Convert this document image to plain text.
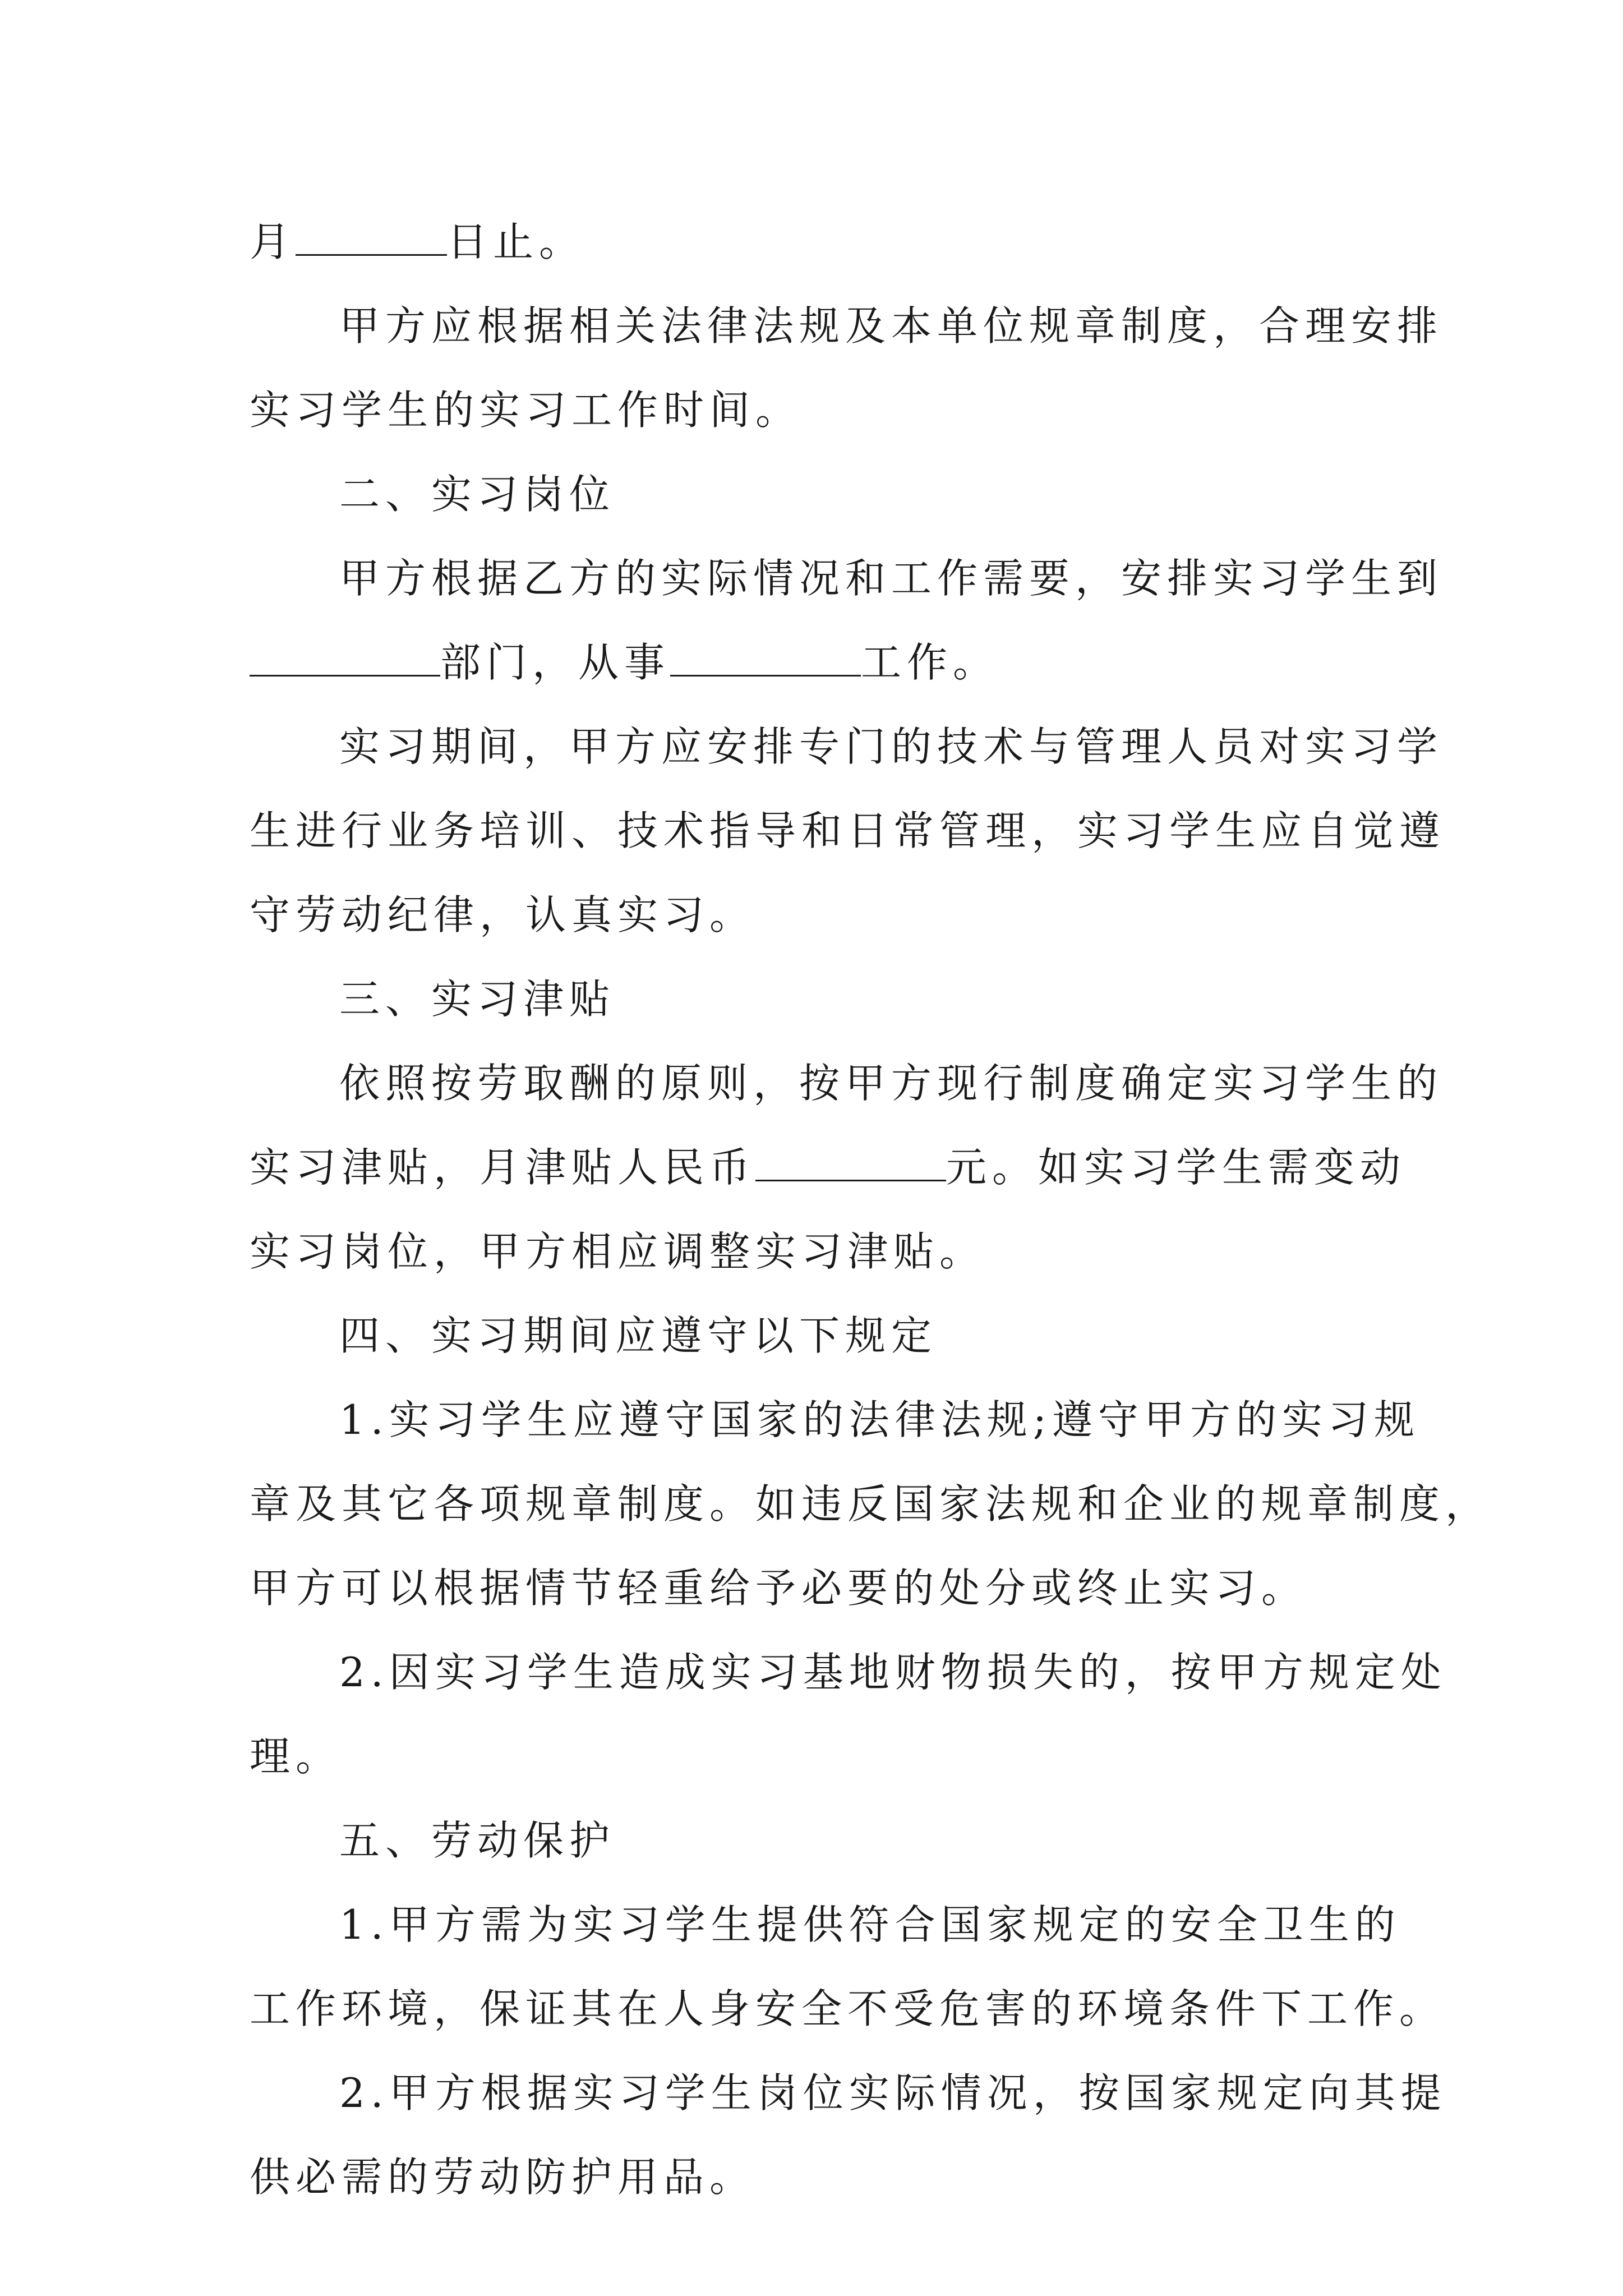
月	日止。
甲方应根据相关法律法规及本单位规章制度，合理安排
实习学生的实习工作时间。
二、实习岗位
甲方根据乙方的实际情况和工作需要，安排实习学生到
部门，从事	工作。
实习期间，甲方应安排专门的技术与管理人员对实习学
生进行业务培训、技术指导和日常管理，实习学生应自觉遵
守劳动纪律，认真实习。
三、实习津贴
依照按劳取酬的原则，按甲方现行制度确定实习学生的
实习津贴，月津贴人民币	元。如实习学生需变动
实习岗位，甲方相应调整实习津贴。
四、实习期间应遵守以下规定
1.实习学生应遵守国家的法律法规;遵守甲方的实习规
章及其它各项规章制度。如违反国家法规和企业的规章制度，
甲方可以根据情节轻重给予必要的处分或终止实习。
2.因实习学生造成实习基地财物损失的，按甲方规定处
理。
五、劳动保护
1.甲方需为实习学生提供符合国家规定的安全卫生的
工作环境，保证其在人身安全不受危害的环境条件下工作。
2.甲方根据实习学生岗位实际情况，按国家规定向其提
供必需的劳动防护用品。
